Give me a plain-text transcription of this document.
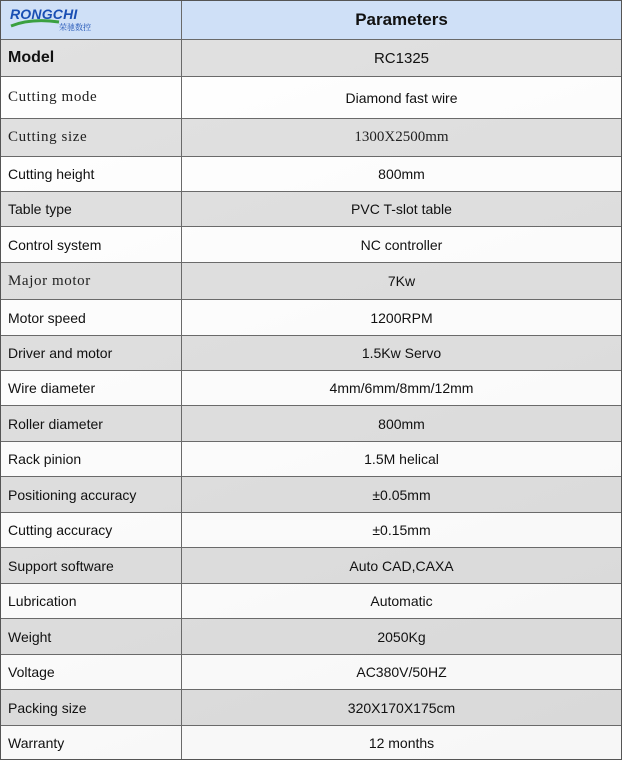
RONGCHI
荣驰数控	Parameters
Model	RC1325
Cutting mode	Diamond fast wire
Cutting size	1300X2500mm
Cutting height	800mm
Table type	PVC T-slot table
Control system	NC controller
Major motor	7Kw
Motor speed	1200RPM
Driver and motor	1.5Kw Servo
Wire diameter	4mm/6mm/8mm/12mm
Roller diameter	800mm
Rack pinion	1.5M helical
Positioning accuracy	±0.05mm
Cutting accuracy	±0.15mm
Support software	Auto CAD,CAXA
Lubrication	Automatic
Weight	2050Kg
Voltage	AC380V/50HZ
Packing size	320X170X175cm
Warranty	12 months
